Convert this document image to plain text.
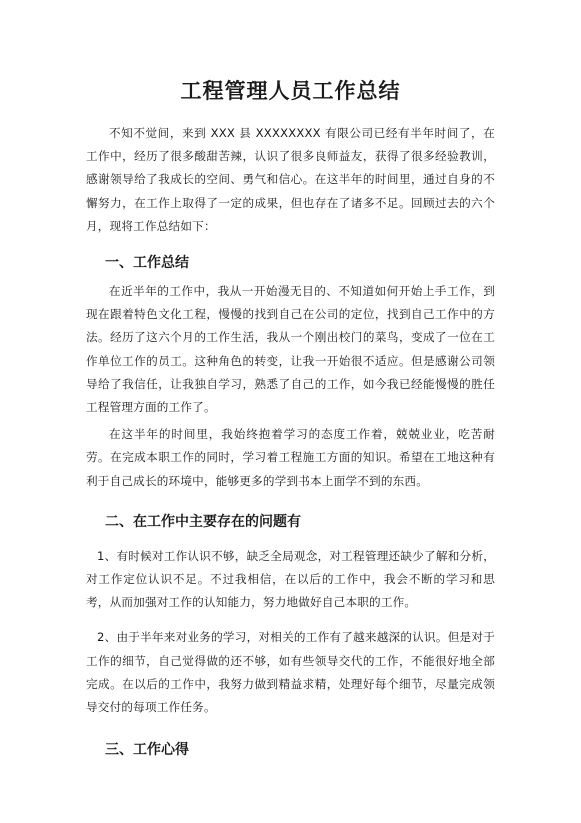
工程管理人员工作总结

不知不觉间，来到 XXX 县 XXXXXXXX 有限公司已经有半年时间了，在工作中，经历了很多酸甜苦辣，认识了很多良师益友，获得了很多经验教训，感谢领导给了我成长的空间、勇气和信心。在这半年的时间里，通过自身的不懈努力，在工作上取得了一定的成果，但也存在了诸多不足。回顾过去的六个月，现将工作总结如下：

一、工作总结

在近半年的工作中，我从一开始漫无目的、不知道如何开始上手工作，到现在跟着特色文化工程，慢慢的找到自己在公司的定位，找到自己工作中的方法。经历了这六个月的工作生活，我从一个刚出校门的菜鸟，变成了一位在工作单位工作的员工。这种角色的转变，让我一开始很不适应。但是感谢公司领导给了我信任，让我独自学习，熟悉了自己的工作，如今我已经能慢慢的胜任工程管理方面的工作了。

在这半年的时间里，我始终抱着学习的态度工作着，兢兢业业，吃苦耐劳。在完成本职工作的同时，学习着工程施工方面的知识。希望在工地这种有利于自己成长的环境中，能够更多的学到书本上面学不到的东西。

二、在工作中主要存在的问题有

1、有时候对工作认识不够，缺乏全局观念，对工程管理还缺少了解和分析，对工作定位认识不足。不过我相信，在以后的工作中，我会不断的学习和思考，从而加强对工作的认知能力，努力地做好自己本职的工作。

2、由于半年来对业务的学习，对相关的工作有了越来越深的认识。但是对于工作的细节，自己觉得做的还不够，如有些领导交代的工作，不能很好地全部完成。在以后的工作中，我努力做到精益求精，处理好每个细节，尽量完成领导交付的每项工作任务。

三、工作心得
